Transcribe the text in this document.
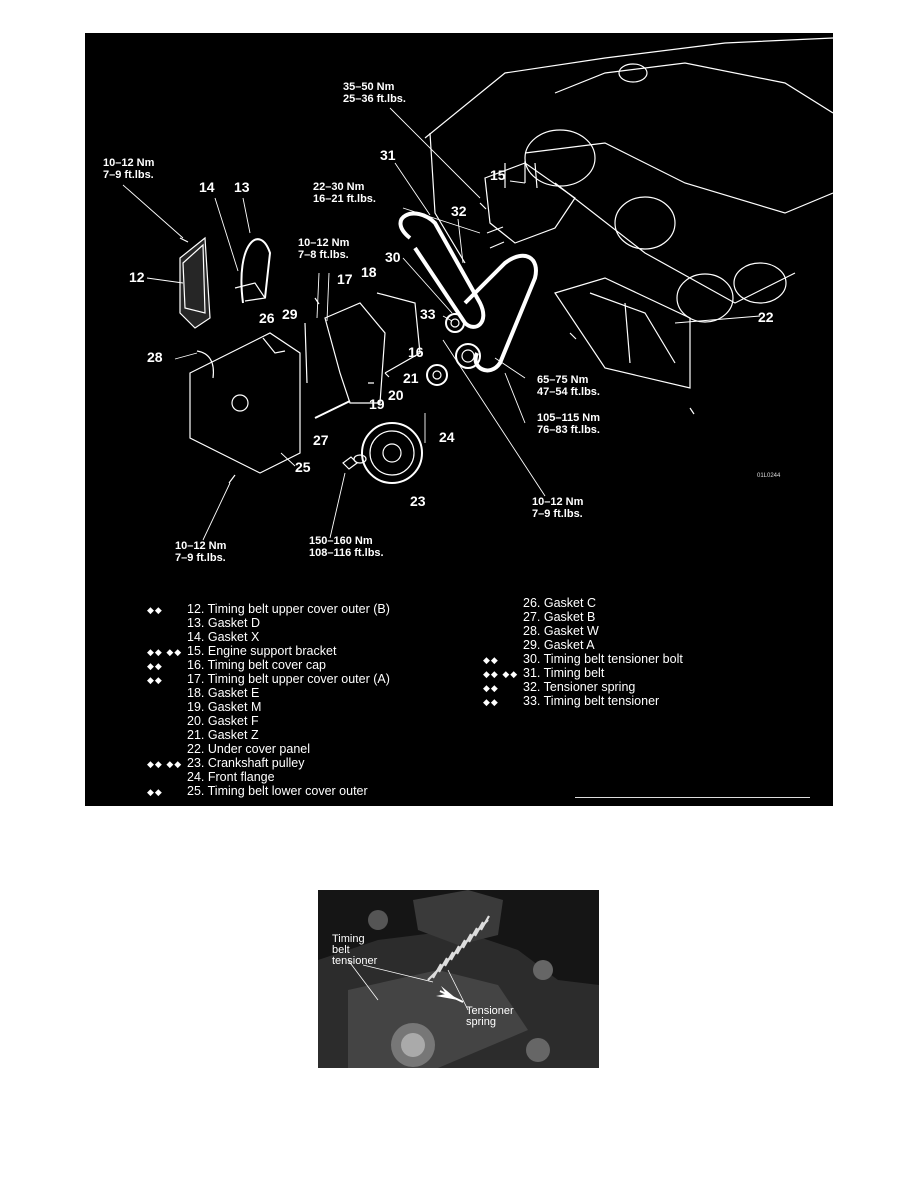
12
13
14
15
16
17 18
19
20
21
22
23
24
25
27
28
29
30
31
32
33
26
35–50 Nm
25–36 ft.lbs.
10–12 Nm
7–9 ft.lbs.
22–30 Nm
16–21 ft.lbs.
10–12 Nm
7–8 ft.lbs.
65–75 Nm
47–54 ft.lbs.
105–115 Nm
76–83 ft.lbs.
10–12 Nm
7–9 ft.lbs.
150–160 Nm
108–116 ft.lbs.
10–12 Nm
7–9 ft.lbs.
01L0244
◆◆ 12. Timing belt upper cover outer (B)
13. Gasket D
14. Gasket X
◆◆ ◆◆ 15. Engine support bracket
◆◆ 16. Timing belt cover cap
◆◆ 17. Timing belt upper cover outer (A)
18. Gasket E
19. Gasket M
20. Gasket F
21. Gasket Z
22. Under cover panel
◆◆ ◆◆ 23. Crankshaft pulley
24. Front flange
◆◆ 25. Timing belt lower cover outer
26. Gasket C
27. Gasket B
28. Gasket W
29. Gasket A
◆◆ 30. Timing belt tensioner bolt
◆◆ ◆◆ 31. Timing belt
◆◆ 32. Tensioner spring
◆◆ 33. Timing belt tensioner
Timing
belt
tensioner
Tensioner
spring
